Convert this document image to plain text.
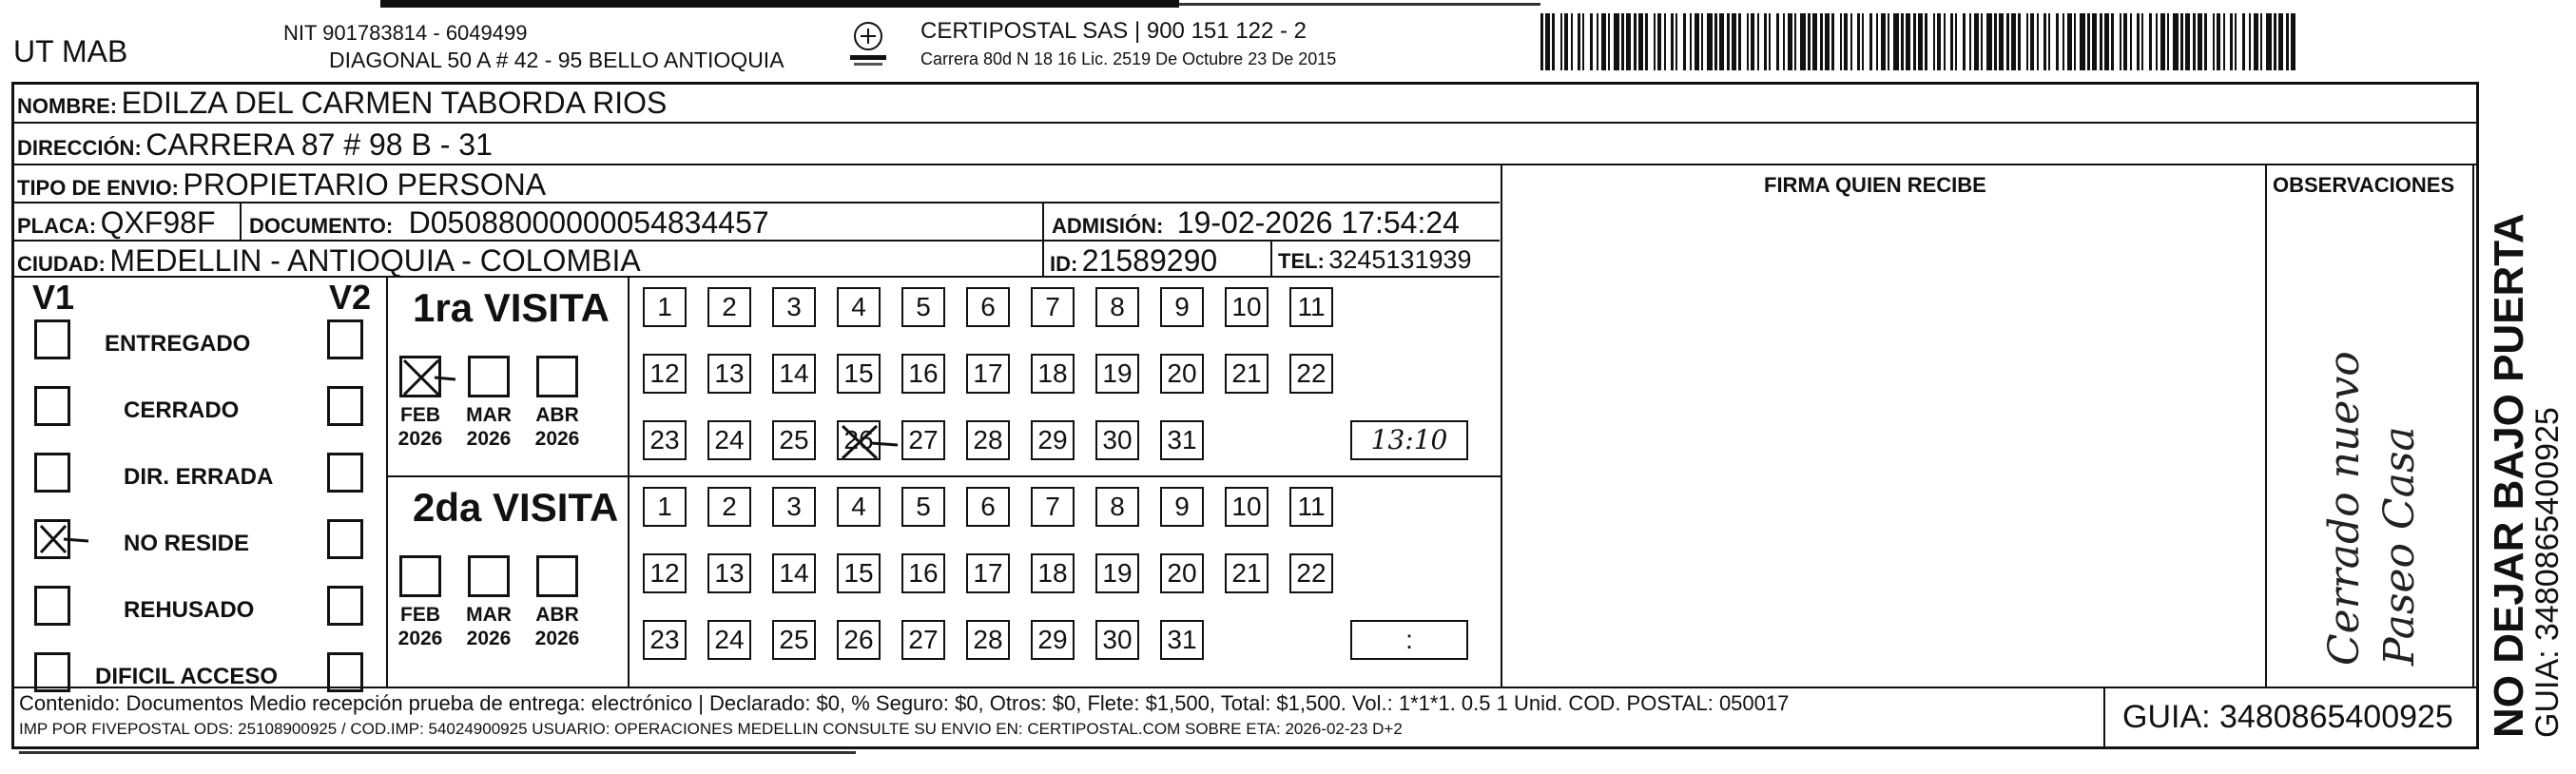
UT MAB
NIT 901783814 - 6049499
DIAGONAL 50 A # 42 - 95 BELLO ANTIOQUIA
CERTIPOSTAL SAS | 900 151 122 - 2
Carrera 80d N 18 16 Lic. 2519 De Octubre 23 De 2015
NOMBRE: EDILZA DEL CARMEN TABORDA RIOS
DIRECCIÓN: CARRERA 87 # 98 B - 31
TIPO DE ENVIO: PROPIETARIO PERSONA	FIRMA QUIEN RECIBE	OBSERVACIONES
PLACA: QXF98F DOCUMENTO: D05088000000054834457	ADMISIÓN: 19-02-2026 17:54:24
CIUDAD: MEDELLIN - ANTIOQUIA - COLOMBIA	ID: 21589290	TEL: 3245131939
V1	V2
ENTREGADO
CERRADO
DIR. ERRADA
NO RESIDE
REHUSADO
DIFICIL ACCESO
1ra VISITA
2da VISITA
FEB
2026
MAR
2026
ABR
2026
1	2	3	4	5	6	7	8	9	10	11
12 13 14 15 16 17 18 19 20 21 22
23 24 25 26 27 28 29 30 31	13:10
FEB
2026
MAR
2026
ABR
2026
1	2	3	4	5	6	7	8	9	10	11
12 13 14 15 16 17 18 19 20 21 22
23 24 25 26 27 28 29 30 31	:	Cerrado nuevo Paseo Casa
Contenido: Documentos Medio recepción prueba de entrega: electrónico | Declarado: $0, % Seguro: $0, Otros: $0, Flete: $1,500, Total: $1,500. Vol.: 1*1*1. 0.5 1 Unid. COD. POSTAL: 050017
IMP POR FIVEPOSTAL ODS: 25108900925 / COD.IMP: 54024900925 USUARIO: OPERACIONES MEDELLIN CONSULTE SU ENVIO EN: CERTIPOSTAL.COM SOBRE ETA: 2026-02-23 D+2	GUIA: 3480865400925 NO DEJAR BAJO PUERTA
GUIA: 3480865400925
